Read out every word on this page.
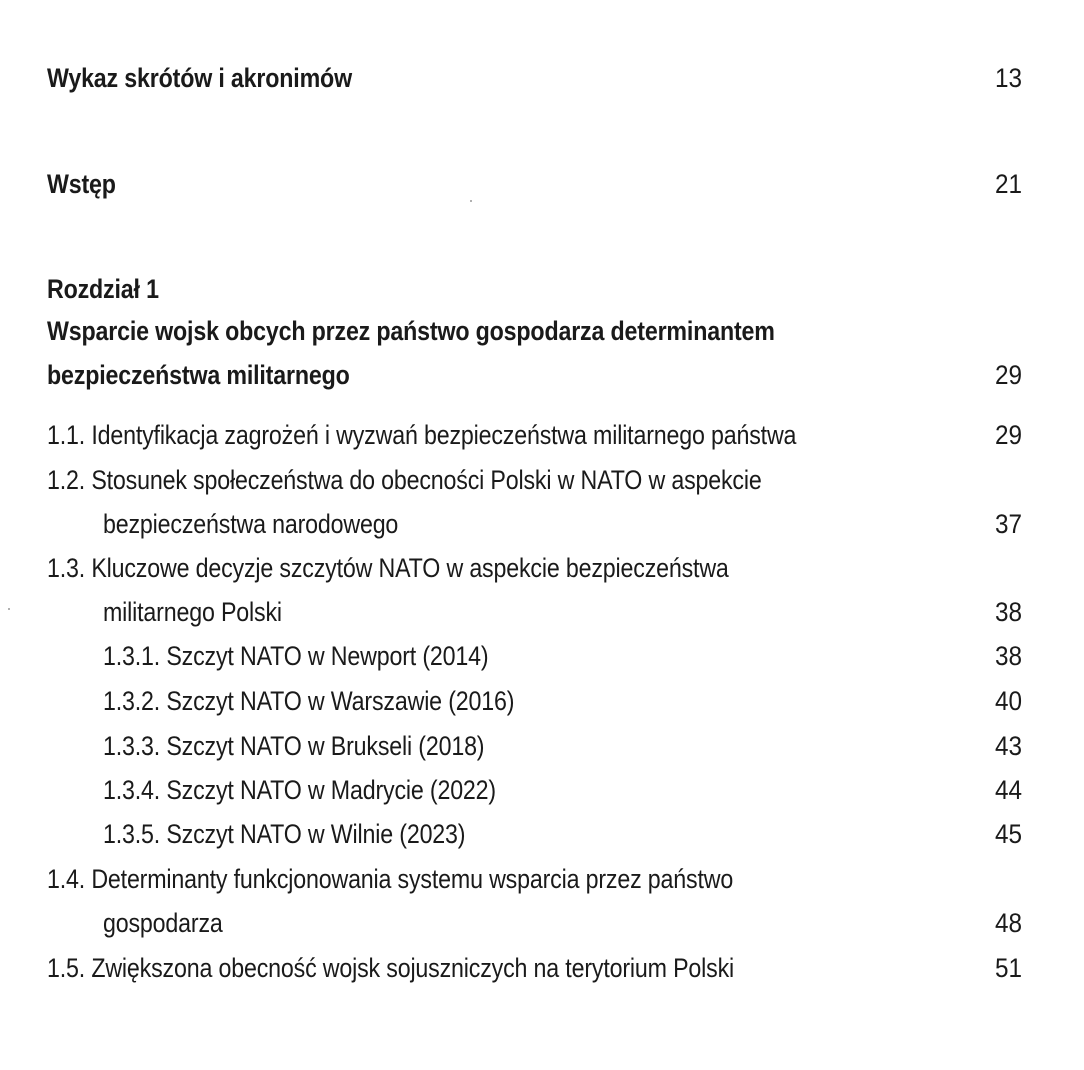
Wykaz skrótów i akronimów	13
Wstęp	21
Rozdział 1
Wsparcie wojsk obcych przez państwo gospodarza determinantem
bezpieczeństwa militarnego	29
1.1. Identyfikacja zagrożeń i wyzwań bezpieczeństwa militarnego państwa	29
1.2. Stosunek społeczeństwa do obecności Polski w NATO w aspekcie
bezpieczeństwa narodowego	37
1.3. Kluczowe decyzje szczytów NATO w aspekcie bezpieczeństwa
militarnego Polski	38
1.3.1. Szczyt NATO w Newport (2014)	38
1.3.2. Szczyt NATO w Warszawie (2016)	40
1.3.3. Szczyt NATO w Brukseli (2018)	43
1.3.4. Szczyt NATO w Madrycie (2022)	44
1.3.5. Szczyt NATO w Wilnie (2023)	45
1.4. Determinanty funkcjonowania systemu wsparcia przez państwo
gospodarza	48
1.5. Zwiększona obecność wojsk sojuszniczych na terytorium Polski	51
